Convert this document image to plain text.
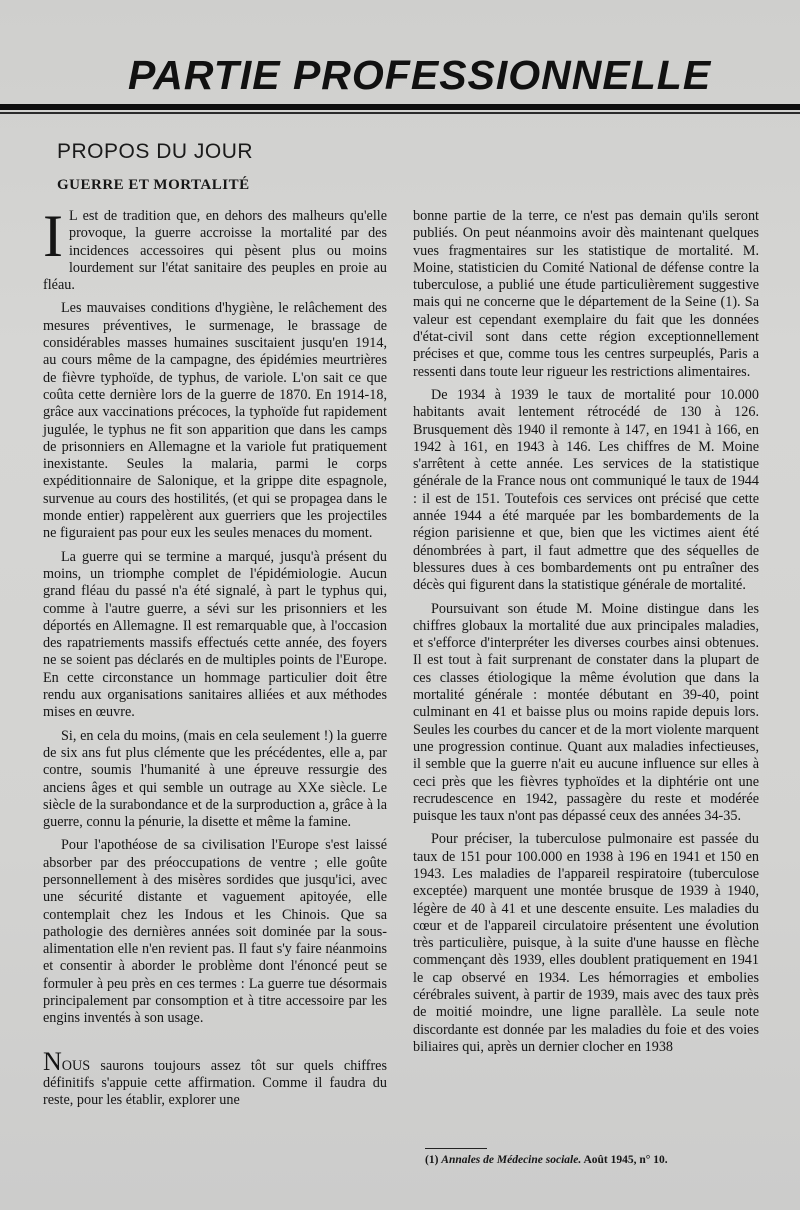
PARTIE PROFESSIONNELLE
PROPOS DU JOUR
GUERRE ET MORTALITÉ

I L est de tradition que, en dehors des malheurs qu'elle provoque, la guerre accroisse la mortalité par des incidences accessoires qui pèsent plus ou moins lourdement sur l'état sanitaire des peuples en proie au fléau.

Les mauvaises conditions d'hygiène, le relâchement des mesures préventives, le surmenage, le brassage de considérables masses humaines suscitaient jusqu'en 1914, au cours même de la campagne, des épidémies meurtrières de fièvre typhoïde, de typhus, de variole. L'on sait ce que coûta cette dernière lors de la guerre de 1870. En 1914-18, grâce aux vaccinations précoces, la typhoïde fut rapidement jugulée, le typhus ne fit son apparition que dans les camps de prisonniers en Allemagne et la variole fut pratiquement inexistante. Seules la malaria, parmi le corps expéditionnaire de Salonique, et la grippe dite espagnole, survenue au cours des hostilités, (et qui se propagea dans le monde entier) rappelèrent aux guerriers que les projectiles ne figuraient pas pour eux les seules menaces du moment.

La guerre qui se termine a marqué, jusqu'à présent du moins, un triomphe complet de l'épidémiologie. Aucun grand fléau du passé n'a été signalé, à part le typhus qui, comme à l'autre guerre, a sévi sur les prisonniers et les déportés en Allemagne. Il est remarquable que, à l'occasion des rapatriements massifs effectués cette année, des foyers ne se soient pas déclarés en de multiples points de l'Europe. En cette circonstance un hommage particulier doit être rendu aux organisations sanitaires alliées et aux méthodes mises en œuvre.

Si, en cela du moins, (mais en cela seulement !) la guerre de six ans fut plus clémente que les précédentes, elle a, par contre, soumis l'humanité à une épreuve ressurgie des anciens âges et qui semble un outrage au XXe siècle. Le siècle de la surabondance et de la surproduction a, grâce à la guerre, connu la pénurie, la disette et même la famine.

Pour l'apothéose de sa civilisation l'Europe s'est laissé absorber par des préoccupations de ventre ; elle goûte personnellement à des misères sordides que jusqu'ici, avec une sécurité distante et vaguement apitoyée, elle contemplait chez les Indous et les Chinois. Que sa pathologie des dernières années soit dominée par la sous-alimentation elle n'en revient pas. Il faut s'y faire néanmoins et consentir à aborder le problème dont l'énoncé peut se formuler à peu près en ces termes : La guerre tue désormais principalement par consomption et à titre accessoire par les engins inventés à son usage.

NOUS saurons toujours assez tôt sur quels chiffres définitifs s'appuie cette affirmation. Comme il faudra du reste, pour les établir, explorer une

bonne partie de la terre, ce n'est pas demain qu'ils seront publiés. On peut néanmoins avoir dès maintenant quelques vues fragmentaires sur les statistique de mortalité. M. Moine, statisticien du Comité National de défense contre la tuberculose, a publié une étude particulièrement suggestive mais qui ne concerne que le département de la Seine (1). Sa valeur est cependant exemplaire du fait que les données d'état-civil sont dans cette région exceptionnellement précises et que, comme tous les centres surpeuplés, Paris a ressenti dans toute leur rigueur les restrictions alimentaires.

De 1934 à 1939 le taux de mortalité pour 10.000 habitants avait lentement rétrocédé de 130 à 126. Brusquement dès 1940 il remonte à 147, en 1941 à 166, en 1942 à 161, en 1943 à 146. Les chiffres de M. Moine s'arrêtent à cette année. Les services de la statistique générale de la France nous ont communiqué le taux de 1944 : il est de 151. Toutefois ces services ont précisé que cette année 1944 a été marquée par les bombardements de la région parisienne et que, bien que les victimes aient été dénombrées à part, il faut admettre que des séquelles de blessures dues à ces bombardements ont pu entraîner des décès qui figurent dans la statistique générale de mortalité.

Poursuivant son étude M. Moine distingue dans les chiffres globaux la mortalité due aux principales maladies, et s'efforce d'interpréter les diverses courbes ainsi obtenues. Il est tout à fait surprenant de constater dans la plupart de ces classes étiologique la même évolution que dans la mortalité générale : montée débutant en 39-40, point culminant en 41 et baisse plus ou moins rapide depuis lors. Seules les courbes du cancer et de la mort violente marquent une progression continue. Quant aux maladies infectieuses, il semble que la guerre n'ait eu aucune influence sur elles à ceci près que les fièvres typhoïdes et la diphtérie ont une recrudescence en 1942, passagère du reste et modérée puisque les taux n'ont pas dépassé ceux des années 34-35.

Pour préciser, la tuberculose pulmonaire est passée du taux de 151 pour 100.000 en 1938 à 196 en 1941 et 150 en 1943. Les maladies de l'appareil respiratoire (tuberculose exceptée) marquent une montée brusque de 1939 à 1940, légère de 40 à 41 et une descente ensuite. Les maladies du cœur et de l'appareil circulatoire présentent une évolution très particulière, puisque, à la suite d'une hausse en flèche commençant dès 1939, elles doublent pratiquement en 1941 le cap observé en 1934. Les hémorragies et embolies cérébrales suivent, à partir de 1939, mais avec des taux près de moitié moindre, une ligne parallèle. La seule note discordante est donnée par les maladies du foie et des voies biliaires qui, après un dernier clocher en 1938

(1) Annales de Médecine sociale. Août 1945, n° 10.
